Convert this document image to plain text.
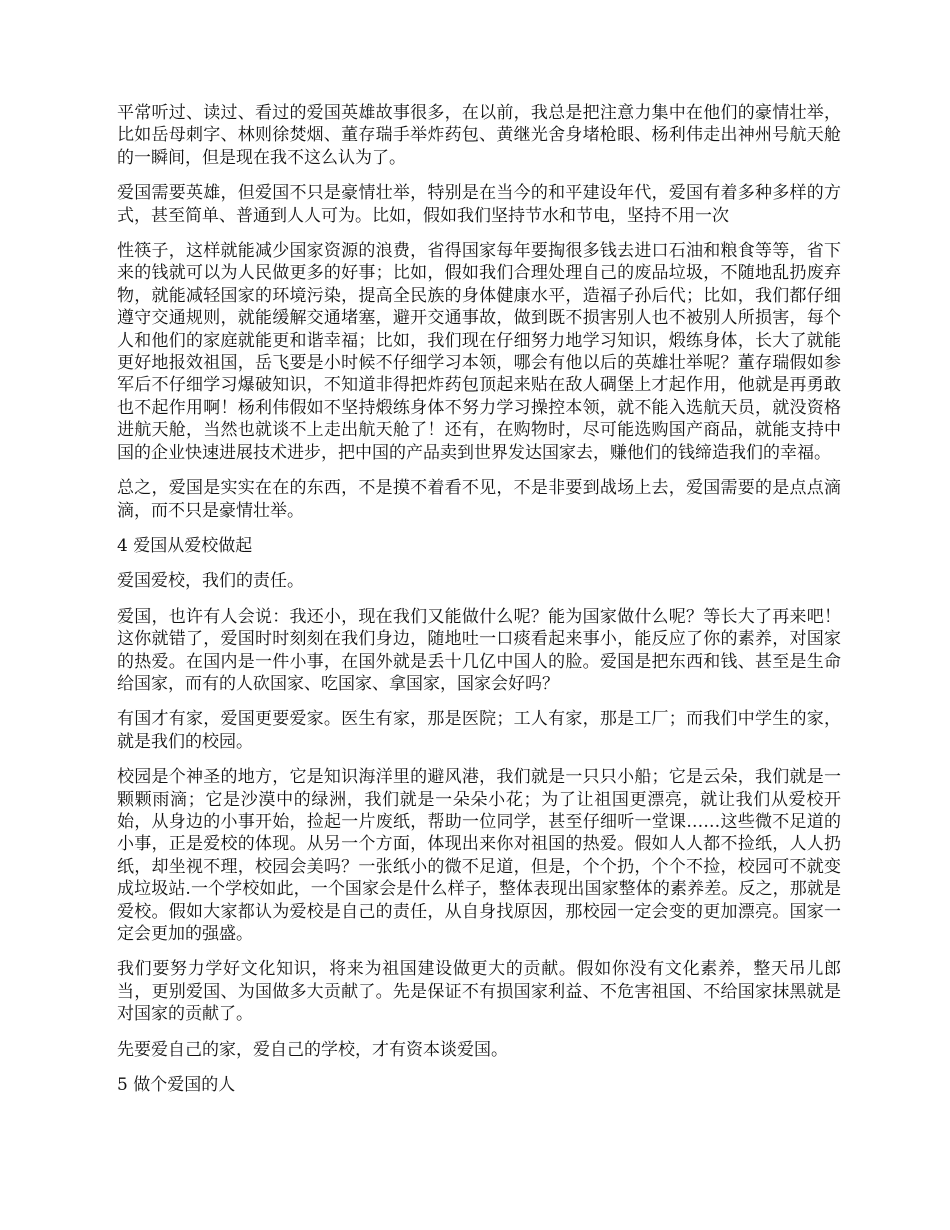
平常听过、读过、看过的爱国英雄故事很多，在以前，我总是把注意力集中在他们的豪情壮举，比如岳母刺字、林则徐焚烟、董存瑞手举炸药包、黄继光舍身堵枪眼、杨利伟走出神州号航天舱的一瞬间，但是现在我不这么认为了。

爱国需要英雄，但爱国不只是豪情壮举，特别是在当今的和平建设年代，爱国有着多种多样的方式，甚至简单、普通到人人可为。比如，假如我们坚持节水和节电，坚持不用一次

性筷子，这样就能减少国家资源的浪费，省得国家每年要掏很多钱去进口石油和粮食等等，省下来的钱就可以为人民做更多的好事；比如，假如我们合理处理自己的废品垃圾，不随地乱扔废弃物，就能减轻国家的环境污染，提高全民族的身体健康水平，造福子孙后代；比如，我们都仔细遵守交通规则，就能缓解交通堵塞，避开交通事故，做到既不损害别人也不被别人所损害，每个人和他们的家庭就能更和谐幸福；比如，我们现在仔细努力地学习知识，煅练身体，长大了就能更好地报效祖国，岳飞要是小时候不仔细学习本领，哪会有他以后的英雄壮举呢？董存瑞假如参军后不仔细学习爆破知识，不知道非得把炸药包顶起来贴在敌人碉堡上才起作用，他就是再勇敢也不起作用啊！杨利伟假如不坚持煅练身体不努力学习操控本领，就不能入选航天员，就没资格进航天舱，当然也就谈不上走出航天舱了！还有，在购物时，尽可能选购国产商品，就能支持中国的企业快速进展技术进步，把中国的产品卖到世界发达国家去，赚他们的钱缔造我们的幸福。

总之，爱国是实实在在的东西，不是摸不着看不见，不是非要到战场上去，爱国需要的是点点滴滴，而不只是豪情壮举。

4 爱国从爱校做起

爱国爱校，我们的责任。

爱国，也许有人会说：我还小，现在我们又能做什么呢？能为国家做什么呢？等长大了再来吧！这你就错了，爱国时时刻刻在我们身边，随地吐一口痰看起来事小，能反应了你的素养，对国家的热爱。在国内是一件小事，在国外就是丢十几亿中国人的脸。爱国是把东西和钱、甚至是生命给国家，而有的人砍国家、吃国家、拿国家，国家会好吗？

有国才有家，爱国更要爱家。医生有家，那是医院；工人有家，那是工厂；而我们中学生的家，就是我们的校园。

校园是个神圣的地方，它是知识海洋里的避风港，我们就是一只只小船；它是云朵，我们就是一颗颗雨滴；它是沙漠中的绿洲，我们就是一朵朵小花；为了让祖国更漂亮，就让我们从爱校开始，从身边的小事开始，捡起一片废纸，帮助一位同学，甚至仔细听一堂课……这些微不足道的小事，正是爱校的体现。从另一个方面，体现出来你对祖国的热爱。假如人人都不捡纸，人人扔纸，却坐视不理，校园会美吗？一张纸小的微不足道，但是，个个扔，个个不捡，校园可不就变成垃圾站.一个学校如此，一个国家会是什么样子，整体表现出国家整体的素养差。反之，那就是爱校。假如大家都认为爱校是自己的责任，从自身找原因，那校园一定会变的更加漂亮。国家一定会更加的强盛。

我们要努力学好文化知识，将来为祖国建设做更大的贡献。假如你没有文化素养，整天吊儿郎当，更别爱国、为国做多大贡献了。先是保证不有损国家利益、不危害祖国、不给国家抹黑就是对国家的贡献了。

先要爱自己的家，爱自己的学校，才有资本谈爱国。

5 做个爱国的人
